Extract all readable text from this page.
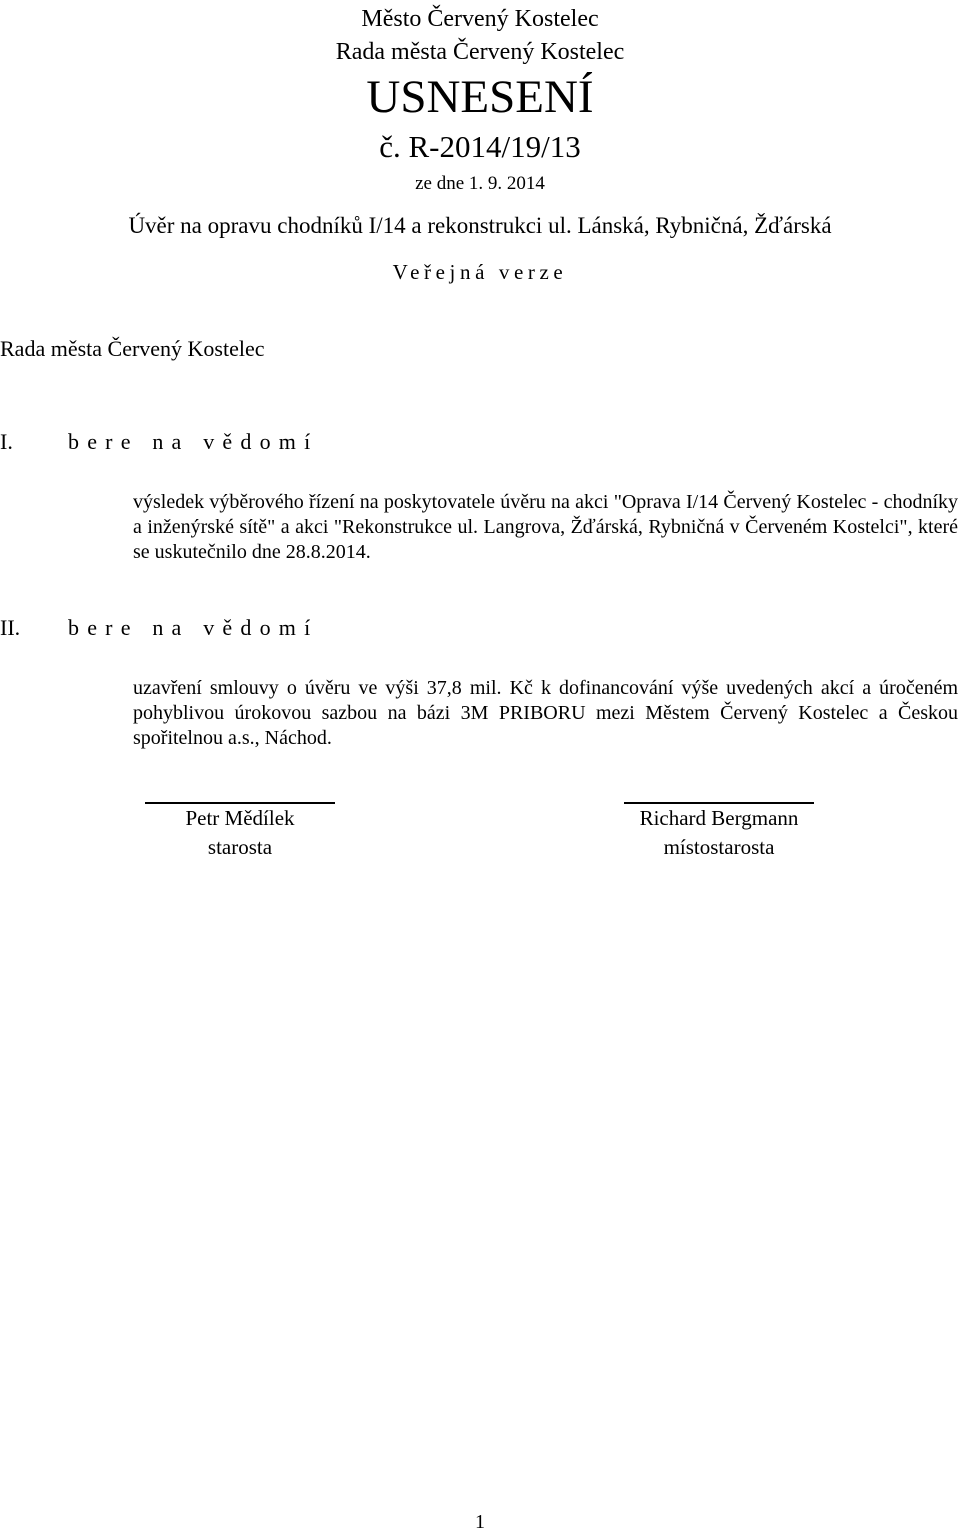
Město Červený Kostelec
Rada města Červený Kostelec
USNESENÍ
č. R-2014/19/13
ze dne 1. 9. 2014
Úvěr na opravu chodníků I/14 a rekonstrukci ul. Lánská, Rybničná, Žďárská
Veřejná verze
Rada města Červený Kostelec
I.	bere na vědomí
výsledek výběrového řízení na poskytovatele úvěru na akci "Oprava I/14 Červený Kostelec - chodníky a inženýrské sítě" a akci "Rekonstrukce ul. Langrova, Žďárská, Rybničná v Červeném Kostelci", které se uskutečnilo dne 28.8.2014.
II. bere na vědomí
uzavření smlouvy o úvěru ve výši 37,8 mil. Kč k dofinancování výše uvedených akcí a úročeném pohyblivou úrokovou sazbou na bázi 3M PRIBORU mezi Městem Červený Kostelec a Českou spořitelnou a.s., Náchod.
Petr Mědílek
starosta
Richard Bergmann
místostarosta
1
